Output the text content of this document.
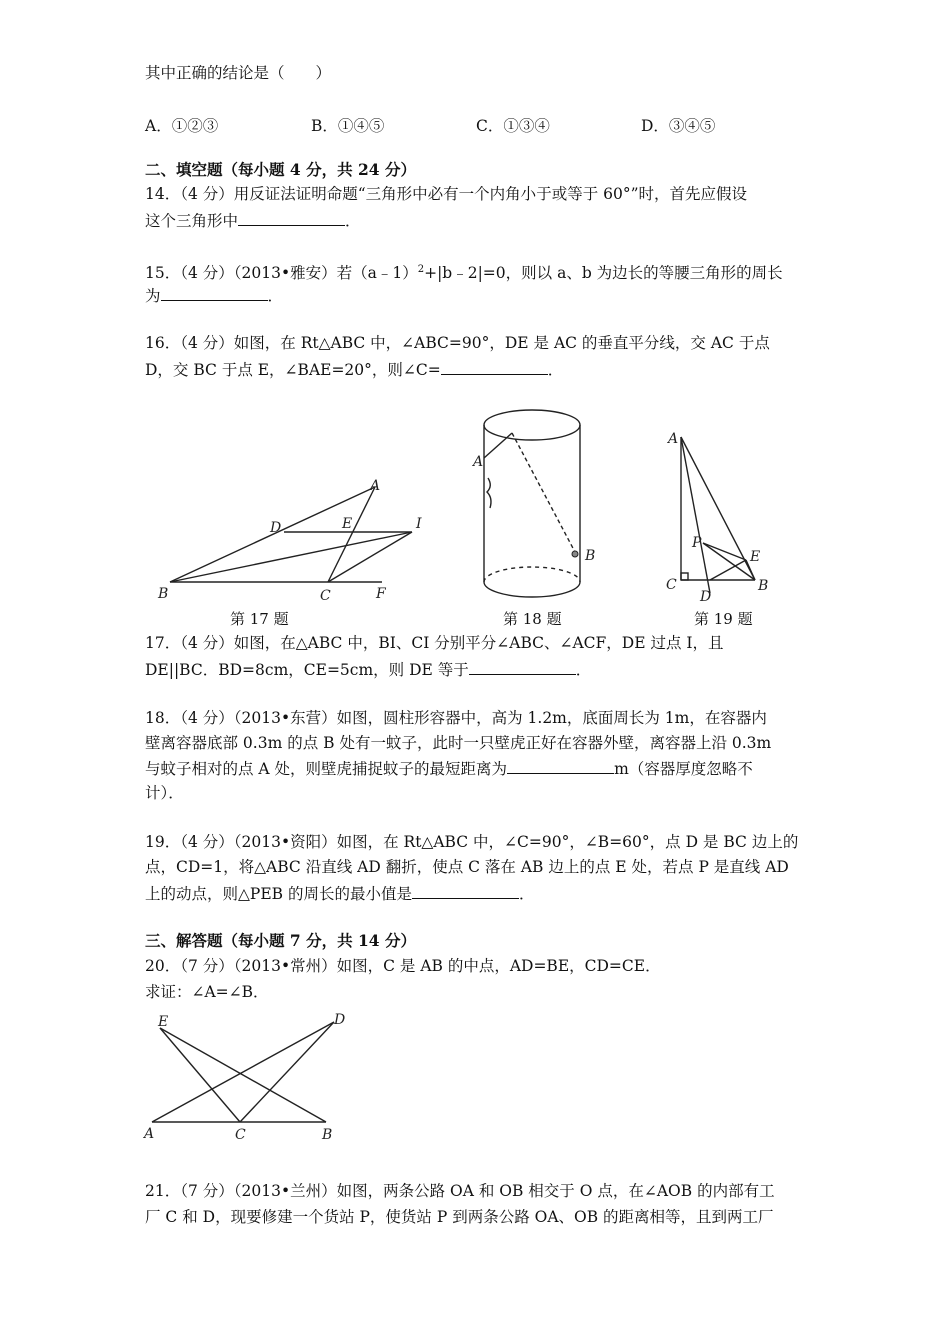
其中正确的结论是（　　）
A．①②③	B．①④⑤	C．①③④	D．③④⑤
二、填空题（每小题 4 分，共 24 分）
14．（4 分）用反证法证明命题“三角形中必有一个内角小于或等于 60°”时，首先应假设
这个三角形中	．
15．（4 分）（2013•雅安）若（a﹣1）$^2$+|b﹣2|=0，则以 a、b 为边长的等腰三角形的周长
为	．
16．（4 分）如图，在 Rt△ABC 中，∠ABC=90°，DE 是 AC 的垂直平分线，交 AC 于点
D，交 BC 于点 E，∠BAE=20°，则∠C=	．
B	C	F
A
D	E	I
第 17 题
A
B
第 18 题
A
P
E
C
D
B
第 19 题
17．（4 分）如图，在△ABC 中，BI、CI 分别平分∠ABC、∠ACF，DE 过点 I，且
DE||BC．BD=8cm，CE=5cm，则 DE 等于	．
18．（4 分）（2013•东营）如图，圆柱形容器中，高为 1.2m，底面周长为 1m，在容器内
壁离容器底部 0.3m 的点 B 处有一蚊子，此时一只壁虎正好在容器外壁，离容器上沿 0.3m
与蚊子相对的点 A 处，则壁虎捕捉蚊子的最短距离为	m（容器厚度忽略不
计）．
19．（4 分）（2013•资阳）如图，在 Rt△ABC 中，∠C=90°，∠B=60°，点 D 是 BC 边上的
点，CD=1，将△ABC 沿直线 AD 翻折，使点 C 落在 AB 边上的点 E 处，若点 P 是直线 AD
上的动点，则△PEB 的周长的最小值是	．
三、解答题（每小题 7 分，共 14 分）
20．（7 分）（2013•常州）如图，C 是 AB 的中点，AD=BE，CD=CE．
求证：∠A=∠B．
E	D
A	C	B
21．（7 分）（2013•兰州）如图，两条公路 OA 和 OB 相交于 O 点，在∠AOB 的内部有工
厂 C 和 D，现要修建一个货站 P，使货站 P 到两条公路 OA、OB 的距离相等，且到两工厂
